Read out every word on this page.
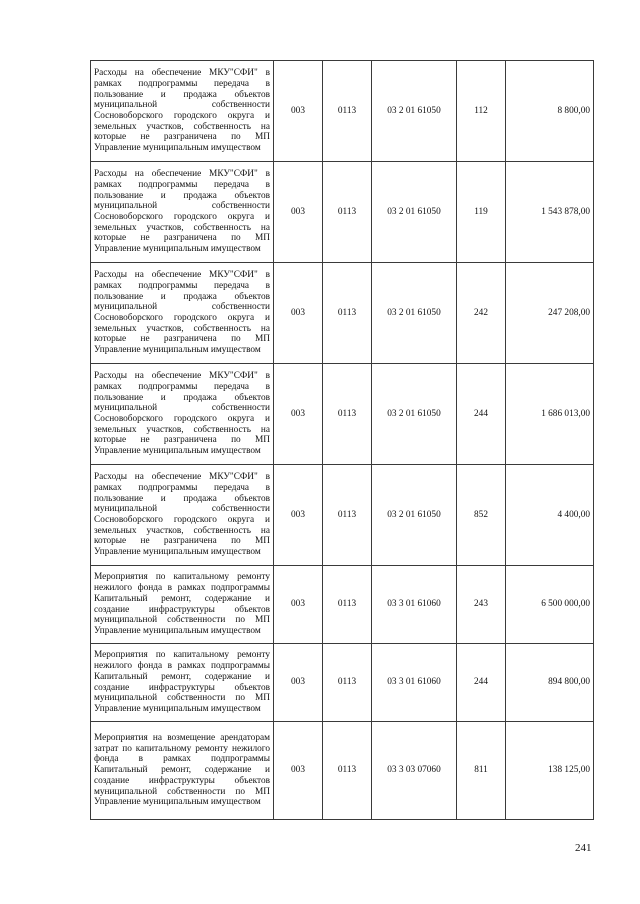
Расходы на обеспечение МКУ"СФИ" в рамках подпрограммы передача в пользование и продажа объектов муниципальной собственности Сосновоборского городского округа и земельных участков, собственность на которые не разграничена по МП Управление муниципальным имуществом	003	0113	03 2 01 61050	112	8 800,00
Расходы на обеспечение МКУ"СФИ" в рамках подпрограммы передача в пользование и продажа объектов муниципальной собственности Сосновоборского городского округа и земельных участков, собственность на которые не разграничена по МП Управление муниципальным имуществом	003	0113	03 2 01 61050	119	1 543 878,00
Расходы на обеспечение МКУ"СФИ" в рамках подпрограммы передача в пользование и продажа объектов муниципальной собственности Сосновоборского городского округа и земельных участков, собственность на которые не разграничена по МП Управление муниципальным имуществом	003	0113	03 2 01 61050	242	247 208,00
Расходы на обеспечение МКУ"СФИ" в рамках подпрограммы передача в пользование и продажа объектов муниципальной собственности Сосновоборского городского округа и земельных участков, собственность на которые не разграничена по МП Управление муниципальным имуществом	003	0113	03 2 01 61050	244	1 686 013,00
Расходы на обеспечение МКУ"СФИ" в рамках подпрограммы передача в пользование и продажа объектов муниципальной собственности Сосновоборского городского округа и земельных участков, собственность на которые не разграничена по МП Управление муниципальным имуществом	003	0113	03 2 01 61050	852	4 400,00
Мероприятия по капитальному ремонту нежилого фонда в рамках подпрограммы Капитальный ремонт, содержание и создание инфраструктуры объектов муниципальной собственности по МП Управление муниципальным имуществом	003	0113	03 3 01 61060	243	6 500 000,00
Мероприятия по капитальному ремонту нежилого фонда в рамках подпрограммы Капитальный ремонт, содержание и создание инфраструктуры объектов муниципальной собственности по МП Управление муниципальным имуществом	003	0113	03 3 01 61060	244	894 800,00
Мероприятия на возмещение арендаторам затрат по капитальному ремонту нежилого фонда в рамках подпрограммы Капитальный ремонт, содержание и создание инфраструктуры объектов муниципальной собственности по МП Управление муниципальным имуществом	003	0113	03 3 03 07060	811	138 125,00
241
